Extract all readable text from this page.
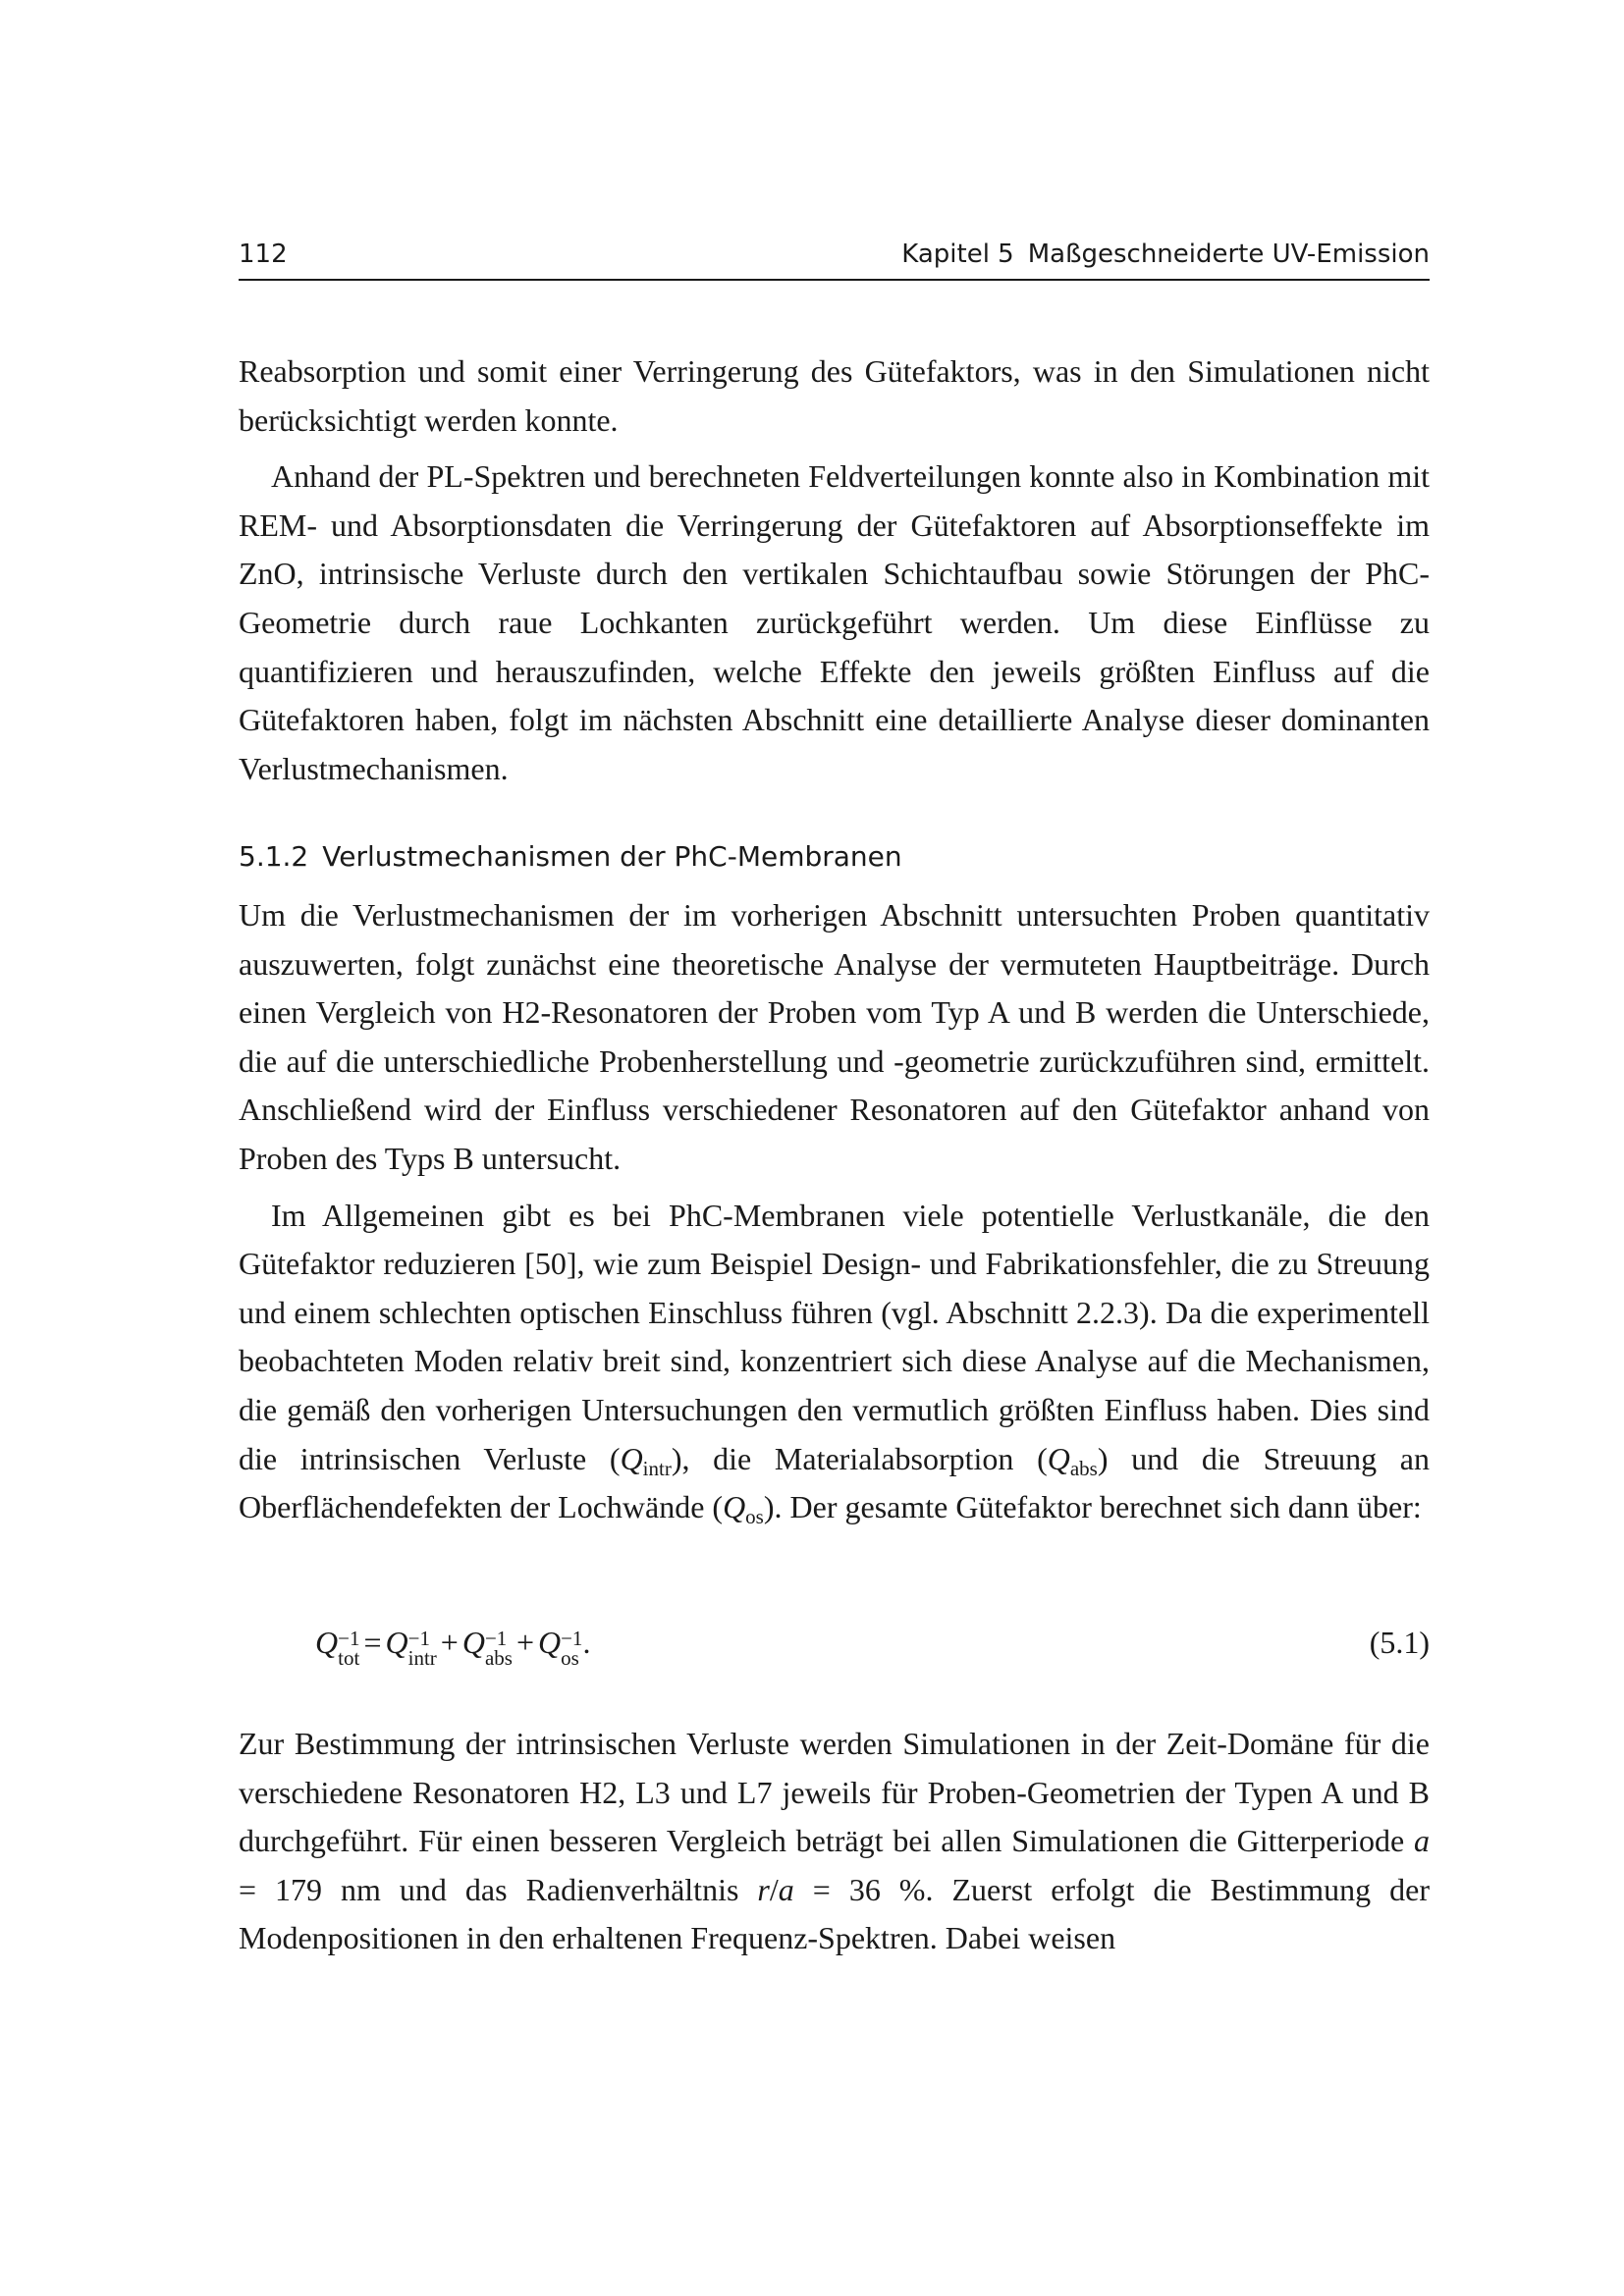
112	Kapitel 5 Maßgeschneiderte UV-Emission

Reabsorption und somit einer Verringerung des Gütefaktors, was in den Simulationen nicht berücksichtigt werden konnte.

Anhand der PL-Spektren und berechneten Feldverteilungen konnte also in Kombination mit REM- und Absorptionsdaten die Verringerung der Gütefaktoren auf Absorptionseffekte im ZnO, intrinsische Verluste durch den vertikalen Schichtaufbau sowie Störungen der PhC-Geometrie durch raue Lochkanten zurückgeführt werden. Um diese Einflüsse zu quantifizieren und herauszufinden, welche Effekte den jeweils größten Einfluss auf die Gütefaktoren haben, folgt im nächsten Abschnitt eine detaillierte Analyse dieser dominanten Verlustmechanismen.

5.1.2 Verlustmechanismen der PhC-Membranen

Um die Verlustmechanismen der im vorherigen Abschnitt untersuchten Proben quantitativ auszuwerten, folgt zunächst eine theoretische Analyse der vermuteten Hauptbeiträge. Durch einen Vergleich von H2-Resonatoren der Proben vom Typ A und B werden die Unterschiede, die auf die unterschiedliche Probenherstellung und -geometrie zurückzuführen sind, ermittelt. Anschließend wird der Einfluss verschiedener Resonatoren auf den Gütefaktor anhand von Proben des Typs B untersucht.

Im Allgemeinen gibt es bei PhC-Membranen viele potentielle Verlustkanäle, die den Gütefaktor reduzieren [50], wie zum Beispiel Design- und Fabrikationsfehler, die zu Streuung und einem schlechten optischen Einschluss führen (vgl. Abschnitt 2.2.3). Da die experimentell beobachteten Moden relativ breit sind, konzentriert sich diese Analyse auf die Mechanismen, die gemäß den vorherigen Untersuchungen den vermutlich größten Einfluss haben. Dies sind die intrinsischen Verluste $(Q_{intr})$, die Materialabsorption $(Q_{abs})$ und die Streuung an Oberflächendefekten der Lochwände $(Q_{os})$. Der gesamte Gütefaktor berechnet sich dann über:

Q −1
tot = Q −1
intr + Q −1
abs + Q −1
os .	(5.1)

Zur Bestimmung der intrinsischen Verluste werden Simulationen in der Zeit-Domäne für die verschiedene Resonatoren H2, L3 und L7 jeweils für Proben-Geometrien der Typen A und B durchgeführt. Für einen besseren Vergleich beträgt bei allen Simulationen die Gitterperiode a = 179 nm und das Radienverhältnis r/a = 36 %. Zuerst erfolgt die Bestimmung der Modenpositionen in den erhaltenen Frequenz-Spektren. Dabei weisen
